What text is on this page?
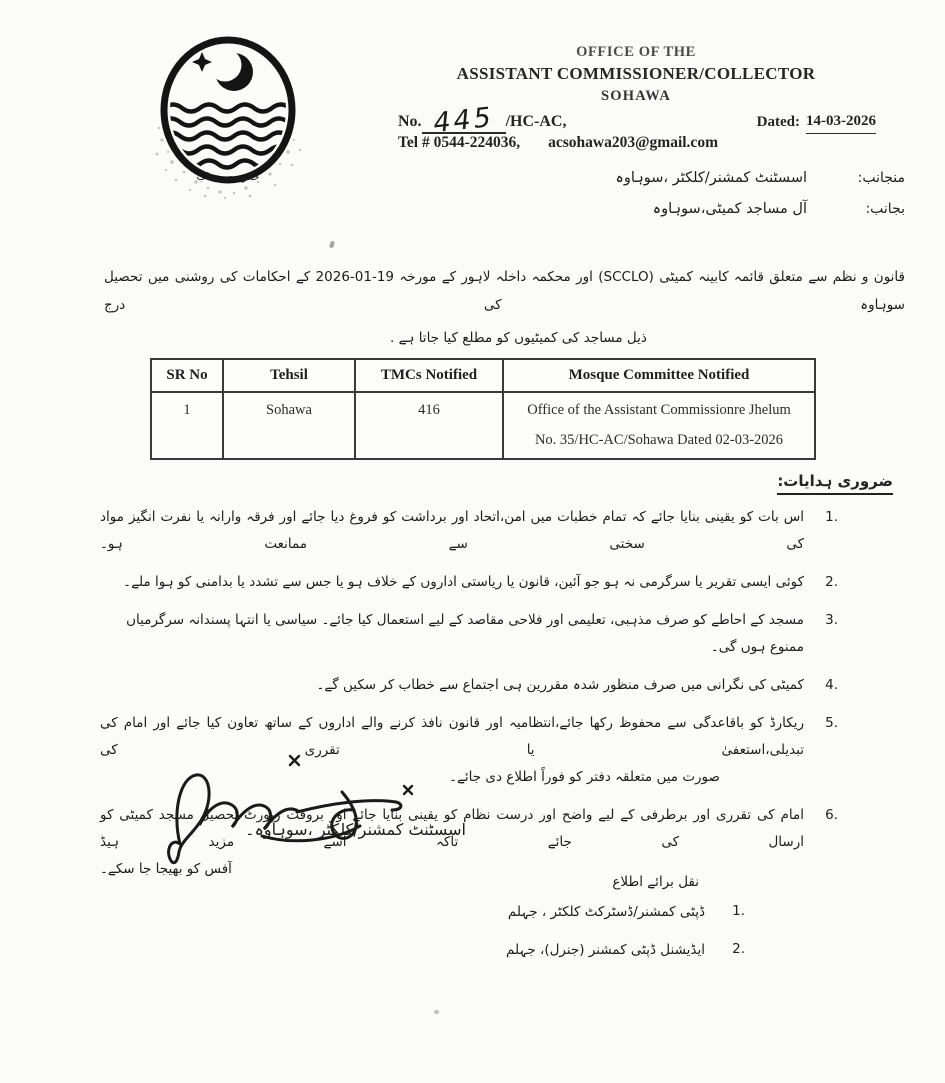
حکومت پنجاب
OFFICE OF THE
ASSISTANT COMMISSIONER/COLLECTOR
SOHAWA
No. 445 /HC-AC,	Dated: 14-03-2026
Tel # 0544-224036, acsohawa203@gmail.com
منجانب:
اسسٹنٹ کمشنر/کلکٹر ،سوہاوہ
بجانب:
آل مساجد کمیٹی،سوہاوہ
قانون و نظم سے متعلق قائمہ کابینہ کمیٹی (SCCLO) اور محکمہ داخلہ لاہور کے مورخہ 19-01-2026 کے احکامات کی روشنی میں تحصیل سوہاوہ کی درج
ذیل مساجد کی کمیٹیوں کو مطلع کیا جاتا ہے .
SR No	Tehsil	TMCs Notified	Mosque Committee Notified
1	Sohawa	416	Office of the Assistant Commissionre Jhelum
No. 35/HC-AC/Sohawa Dated 02-03-2026
ضروری ہدایات:
1.
اس بات کو یقینی بنایا جائے کہ تمام خطبات میں امن،اتحاد اور برداشت کو فروغ دیا جائے اور فرقہ وارانہ یا نفرت انگیز مواد کی سختی سے ممانعت ہو۔
2.
کوئی ایسی تقریر یا سرگرمی نہ ہو جو آئین، قانون یا ریاستی اداروں کے خلاف ہو یا جس سے تشدد یا بدامنی کو ہوا ملے۔
3.
مسجد کے احاطے کو صرف مذہبی، تعلیمی اور فلاحی مقاصد کے لیے استعمال کیا جائے۔ سیاسی یا انتہا پسندانہ سرگرمیاں ممنوع ہوں گی۔
4.
کمیٹی کی نگرانی میں صرف منظور شدہ مقررین ہی اجتماع سے خطاب کر سکیں گے۔
5.
ریکارڈ کو باقاعدگی سے محفوظ رکھا جائے،انتظامیہ اور قانون نافذ کرنے والے اداروں کے ساتھ تعاون کیا جائے اور امام کی تبدیلی،استعفیٰ یا تقرری کی
صورت میں متعلقہ دفتر کو فوراً اطلاع دی جائے۔
6.
امام کی تقرری اور برطرفی کے لیے واضح اور درست نظام کو یقینی بنایا جائے اور بروقت رپورٹ تحصیل مسجد کمیٹی کو ارسال کی جائے تاکہ اسے مزید ہیڈ
آفس کو بھیجا جا سکے۔
اسسٹنٹ کمشنر/کلکٹر ،سوہاوہ۔
نقل برائے اطلاع
1.
ڈپٹی کمشنر/ڈسٹرکٹ کلکٹر ، جہلم
2.
ایڈیشنل ڈپٹی کمشنر (جنرل)، جہلم
